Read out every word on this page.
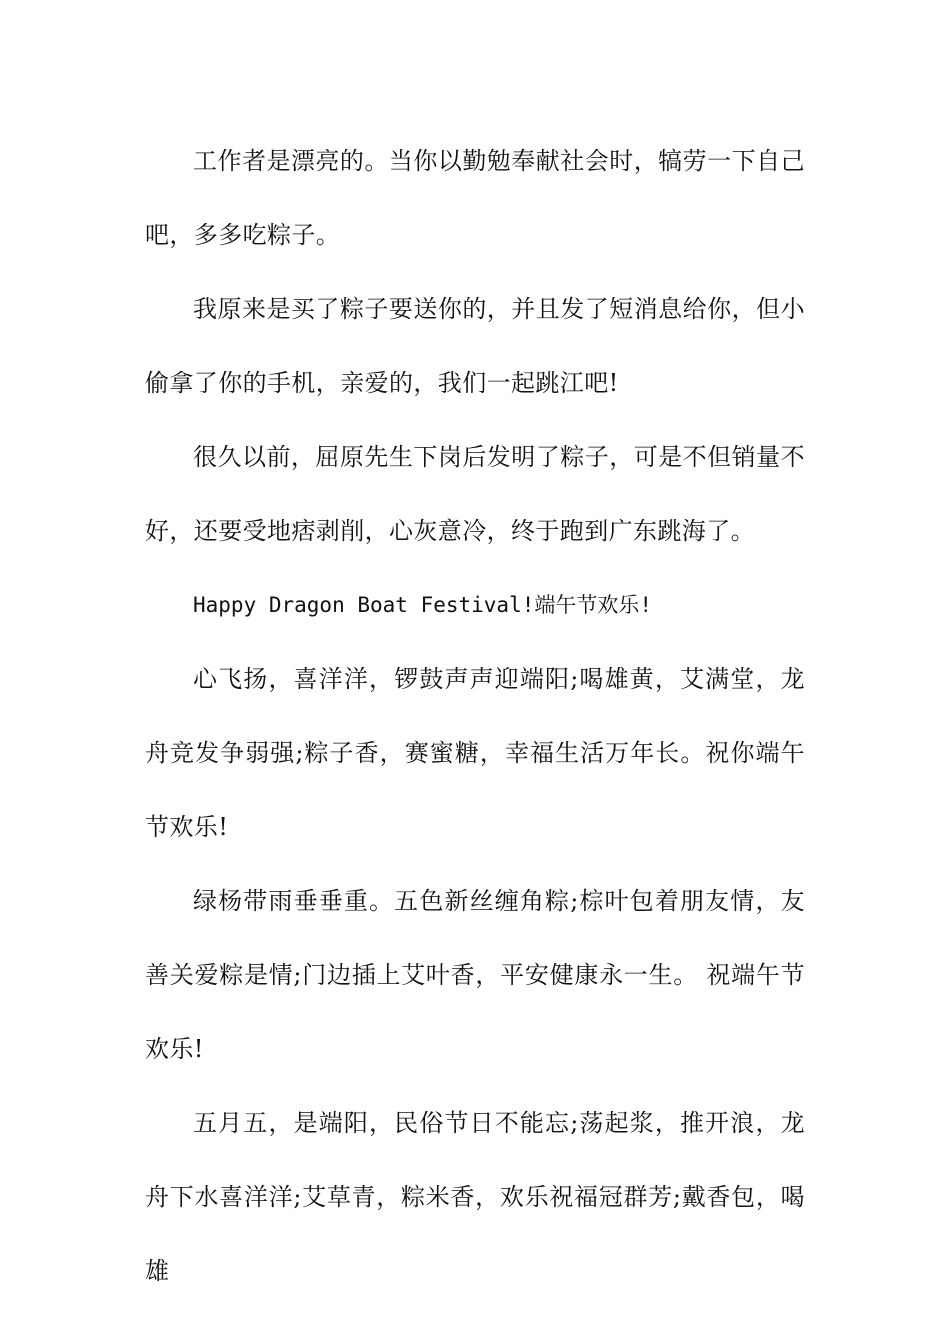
工作者是漂亮的。当你以勤勉奉献社会时，犒劳一下自己吧，多多吃粽子。

我原来是买了粽子要送你的，并且发了短消息给你，但小偷拿了你的手机，亲爱的，我们一起跳江吧!

很久以前，屈原先生下岗后发明了粽子，可是不但销量不好，还要受地痞剥削，心灰意冷，终于跑到广东跳海了。

Happy Dragon Boat Festival!端午节欢乐!

心飞扬，喜洋洋，锣鼓声声迎端阳;喝雄黄，艾满堂，龙舟竞发争弱强;粽子香，赛蜜糖，幸福生活万年长。祝你端午节欢乐!

绿杨带雨垂垂重。五色新丝缠角粽;棕叶包着朋友情，友善关爱粽是情;门边插上艾叶香，平安健康永一生。 祝端午节欢乐!

五月五，是端阳，民俗节日不能忘;荡起浆，推开浪，龙舟下水喜洋洋;艾草青，粽米香，欢乐祝福冠群芳;戴香包，喝雄
